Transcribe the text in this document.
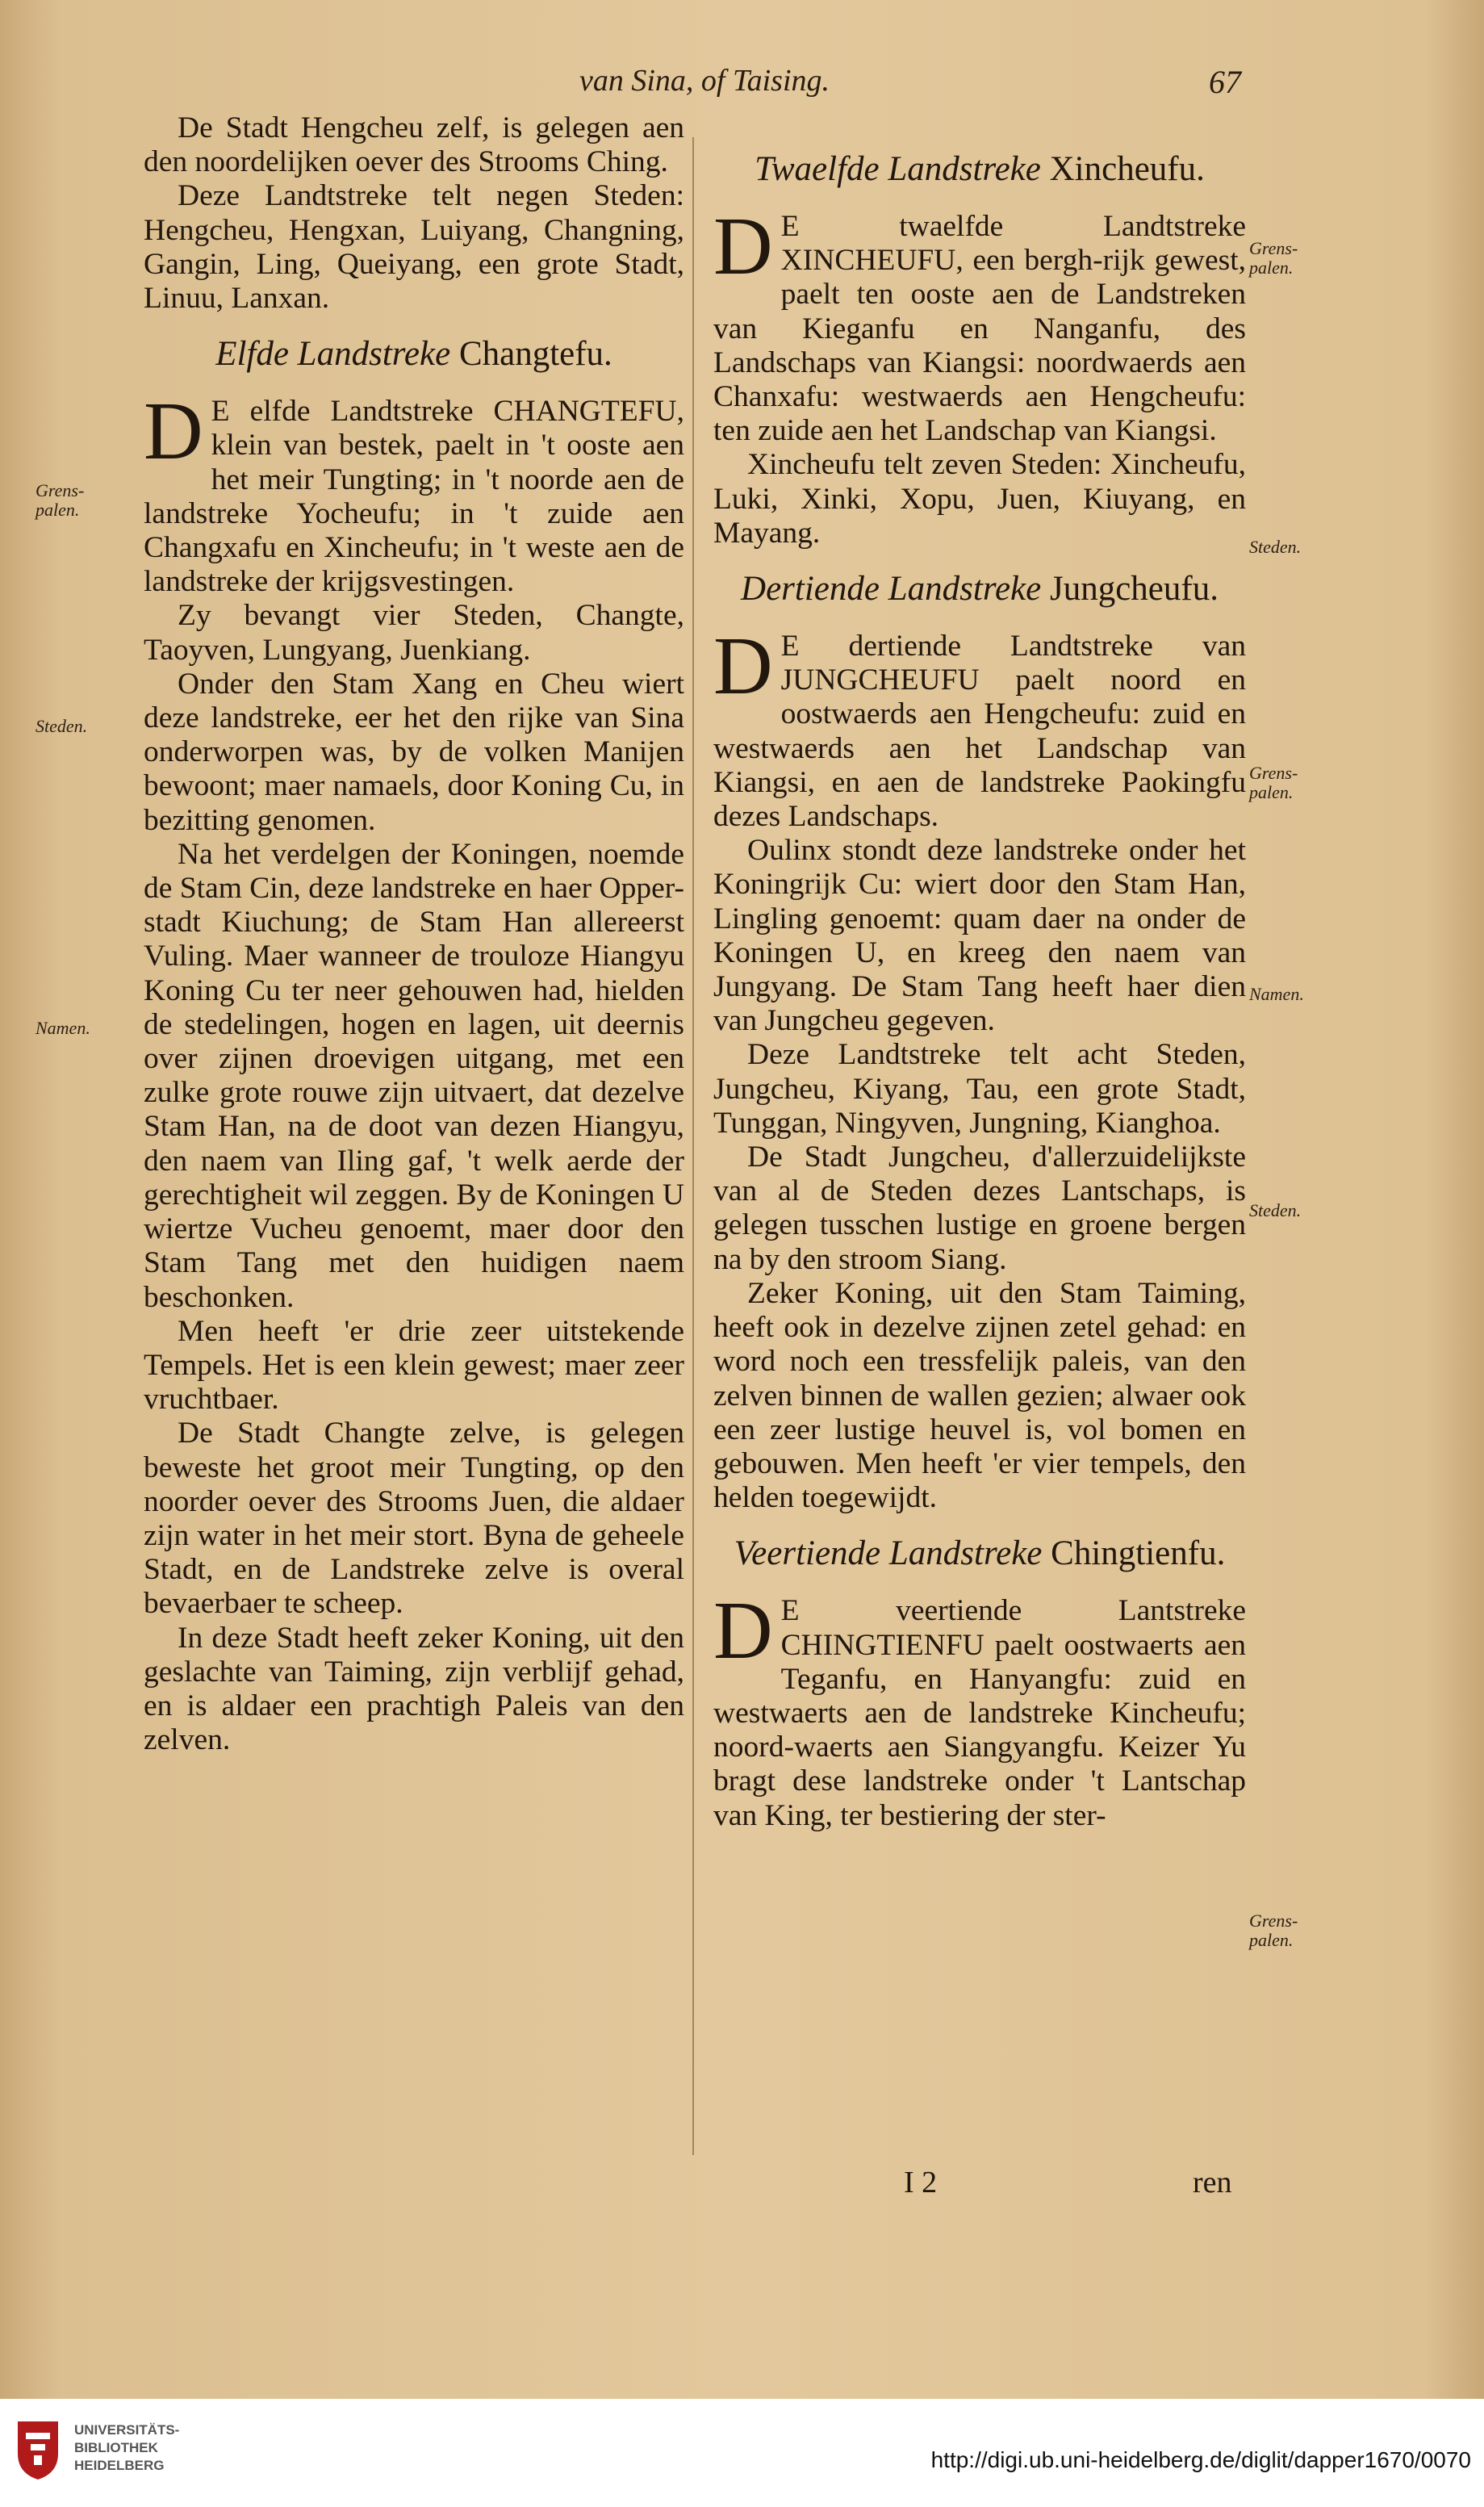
van Sina, of Taising.	67

De Stadt Hengcheu zelf, is gelegen aen den noordelijken oever des Strooms Ching.

Deze Landtstreke telt negen Steden: Hengcheu, Hengxan, Luiyang, Changning, Gangin, Ling, Queiyang, een grote Stadt, Linuu, Lanxan.

Elfde Landstreke Changtefu.

D E elfde Landtstreke CHANGTEFU, klein van bestek, paelt in 't ooste aen het meir Tungting; in 't noorde aen de landstreke Yocheufu; in 't zuide aen Changxafu en Xincheufu; in 't weste aen de landstreke der krijgsvestingen.

Zy bevangt vier Steden, Changte, Taoyven, Lungyang, Juenkiang.

Onder den Stam Xang en Cheu wiert deze landstreke, eer het den rijke van Sina onderworpen was, by de volken Manijen bewoont; maer namaels, door Koning Cu, in bezitting genomen.

Na het verdelgen der Koningen, noemde de Stam Cin, deze landstreke en haer Opper-stadt Kiuchung; de Stam Han allereerst Vuling. Maer wanneer de trouloze Hiangyu Koning Cu ter neer gehouwen had, hielden de stedelingen, hogen en lagen, uit deernis over zijnen droevigen uitgang, met een zulke grote rouwe zijn uitvaert, dat dezelve Stam Han, na de doot van dezen Hiangyu, den naem van Iling gaf, 't welk aerde der gerechtigheit wil zeggen. By de Koningen U wiertze Vucheu genoemt, maer door den Stam Tang met den huidigen naem beschonken.

Men heeft 'er drie zeer uitstekende Tempels. Het is een klein gewest; maer zeer vruchtbaer.

De Stadt Changte zelve, is gelegen beweste het groot meir Tungting, op den noorder oever des Strooms Juen, die aldaer zijn water in het meir stort. Byna de geheele Stadt, en de Landstreke zelve is overal bevaerbaer te scheep.

In deze Stadt heeft zeker Koning, uit den geslachte van Taiming, zijn verblijf gehad, en is aldaer een prachtigh Paleis van den zelven.

Twaelfde Landstreke Xincheufu.

D E twaelfde Landtstreke XINCHEUFU, een bergh-rijk gewest, paelt ten ooste aen de Landstreken van Kieganfu en Nanganfu, des Landschaps van Kiangsi: noordwaerds aen Chanxafu: westwaerds aen Hengcheufu: ten zuide aen het Landschap van Kiangsi.

Xincheufu telt zeven Steden: Xincheufu, Luki, Xinki, Xopu, Juen, Kiuyang, en Mayang.

Dertiende Landstreke Jungcheufu.

D E dertiende Landtstreke van JUNGCHEUFU paelt noord en oostwaerds aen Hengcheufu: zuid en westwaerds aen het Landschap van Kiangsi, en aen de landstreke Paokingfu dezes Landschaps.

Oulinx stondt deze landstreke onder het Koningrijk Cu: wiert door den Stam Han, Lingling genoemt: quam daer na onder de Koningen U, en kreeg den naem van Jungyang. De Stam Tang heeft haer dien van Jungcheu gegeven.

Deze Landtstreke telt acht Steden, Jungcheu, Kiyang, Tau, een grote Stadt, Tunggan, Ningyven, Jungning, Kianghoa.

De Stadt Jungcheu, d'allerzuidelijkste van al de Steden dezes Lantschaps, is gelegen tusschen lustige en groene bergen na by den stroom Siang.

Zeker Koning, uit den Stam Taiming, heeft ook in dezelve zijnen zetel gehad: en word noch een tressfelijk paleis, van den zelven binnen de wallen gezien; alwaer ook een zeer lustige heuvel is, vol bomen en gebouwen. Men heeft 'er vier tempels, den helden toegewijdt.

Veertiende Landstreke Chingtienfu.

D E veertiende Lantstreke CHINGTIENFU paelt oostwaerts aen Teganfu, en Hanyangfu: zuid en westwaerts aen de landstreke Kincheufu; noord-waerts aen Siangyangfu. Keizer Yu bragt dese landstreke onder 't Lantschap van King, ter bestiering der ster-

Grens-palen.
Steden.
Namen.
Grens-palen.
Steden.
Grens-palen.
Namen.
Steden.
Grens-palen.
I 2	ren
UNIVERSITÄTS-
BIBLIOTHEK
HEIDELBERG	http://digi.ub.uni-heidelberg.de/diglit/dapper1670/0070
